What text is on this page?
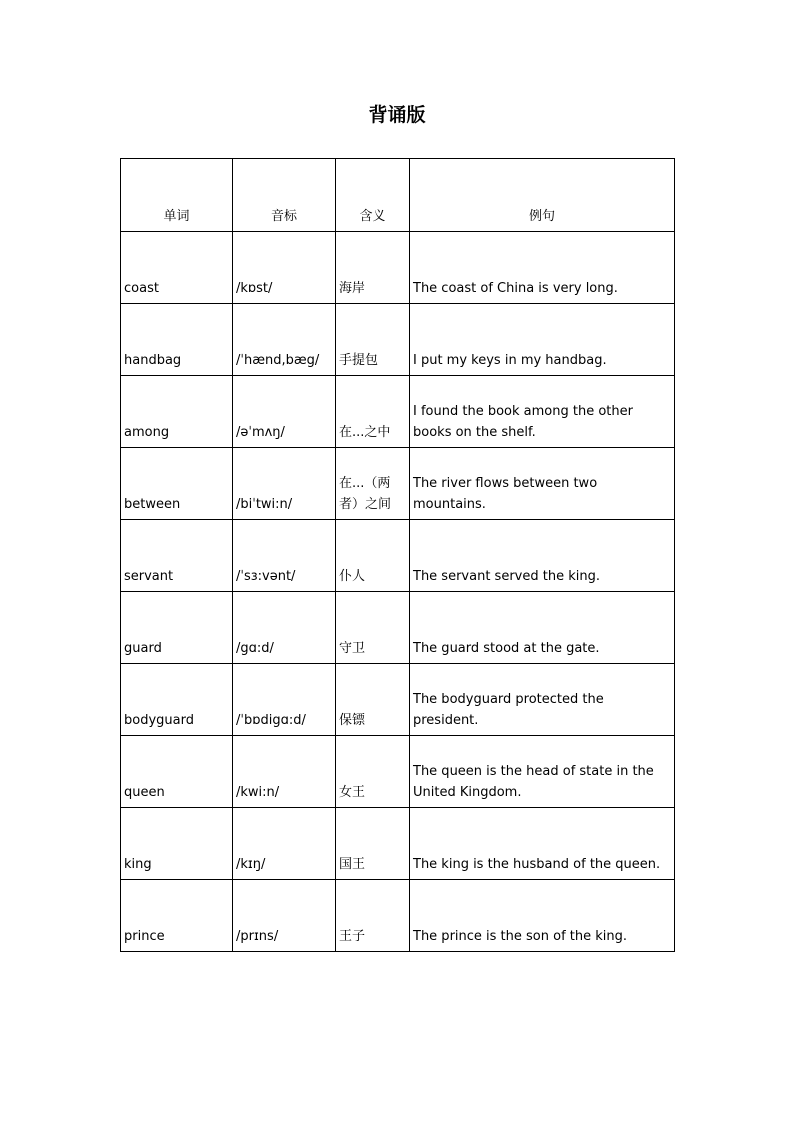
背诵版
单词	音标	含义	例句
coast	/kɒst/	海岸	The coast of China is very long.
handbag	/ˈhænd,bæg/	手提包	I put my keys in my handbag.
among	/əˈmʌŋ/	在...之中	I found the book among the other books on the shelf.
between	/biˈtwi:n/	在...（两者）之间	The river flows between two mountains.
servant	/ˈsɜ:vənt/	仆人	The servant served the king.
guard	/gɑ:d/	守卫	The guard stood at the gate.
bodyguard	/ˈbɒdigɑ:d/	保镖	The bodyguard protected the president.
queen	/kwi:n/	女王	The queen is the head of state in the United Kingdom.
king	/kɪŋ/	国王	The king is the husband of the queen.
prince	/prɪns/	王子	The prince is the son of the king.
